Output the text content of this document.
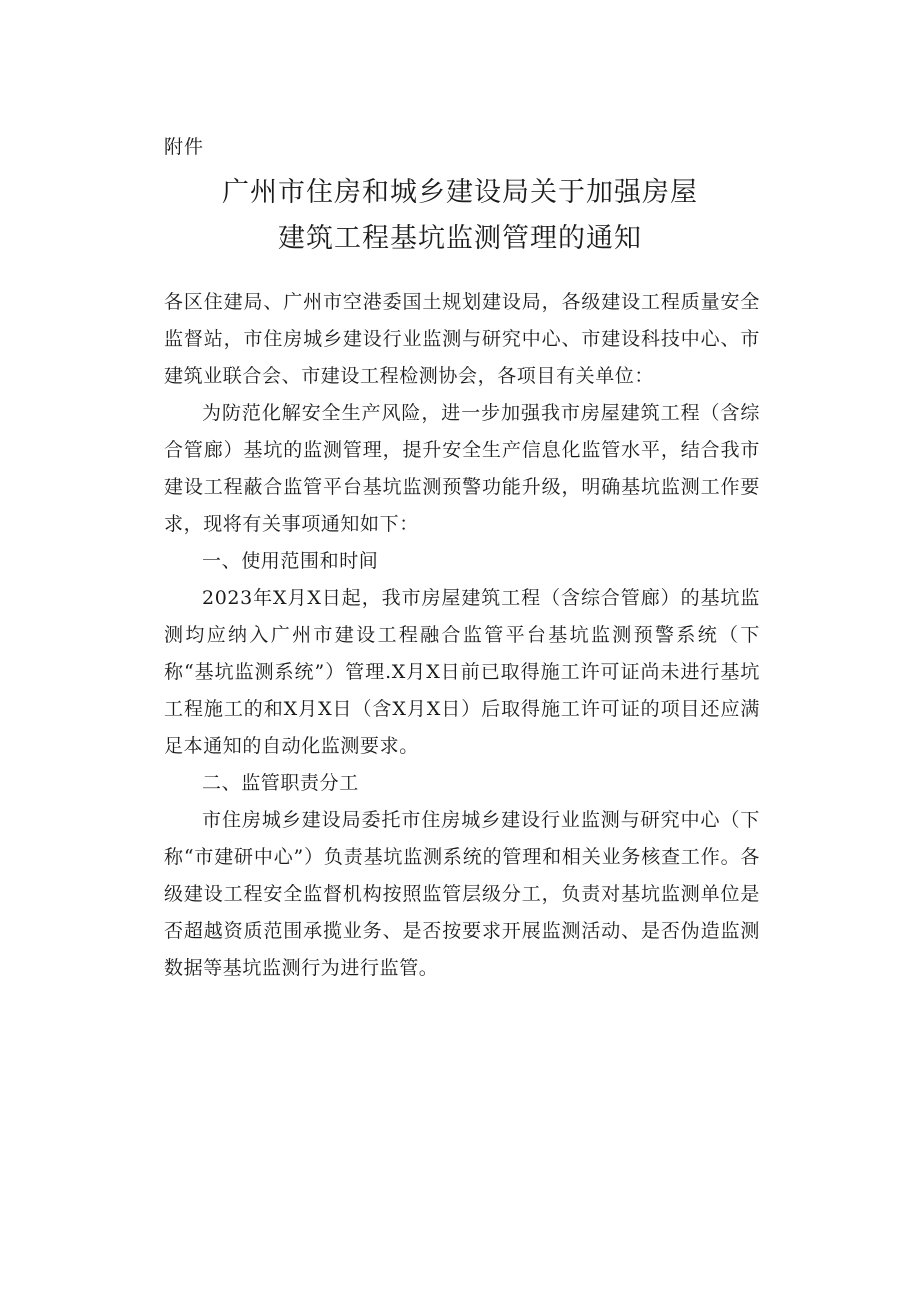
附件
广州市住房和城乡建设局关于加强房屋
建筑工程基坑监测管理的通知

各区住建局、广州市空港委国土规划建设局，各级建设工程质量安全监督站，市住房城乡建设行业监测与研究中心、市建设科技中心、市建筑业联合会、市建设工程检测协会，各项目有关单位：

为防范化解安全生产风险，进一步加强我市房屋建筑工程（含综合管廊）基坑的监测管理，提升安全生产信息化监管水平，结合我市建设工程蔽合监管平台基坑监测预警功能升级，明确基坑监测工作要求，现将有关事项通知如下：

一、使用范围和时间

2023年X月X日起，我市房屋建筑工程（含综合管廊）的基坑监测均应纳入广州市建设工程融合监管平台基坑监测预警系统（下称“基坑监测系统”）管理.X月X日前已取得施工许可证尚未进行基坑工程施工的和X月X日（含X月X日）后取得施工许可证的项目还应满足本通知的自动化监测要求。

二、监管职责分工

市住房城乡建设局委托市住房城乡建设行业监测与研究中心（下称“市建研中心”）负责基坑监测系统的管理和相关业务核查工作。各级建设工程安全监督机构按照监管层级分工，负责对基坑监测单位是否超越资质范围承揽业务、是否按要求开展监测活动、是否伪造监测数据等基坑监测行为进行监管。
